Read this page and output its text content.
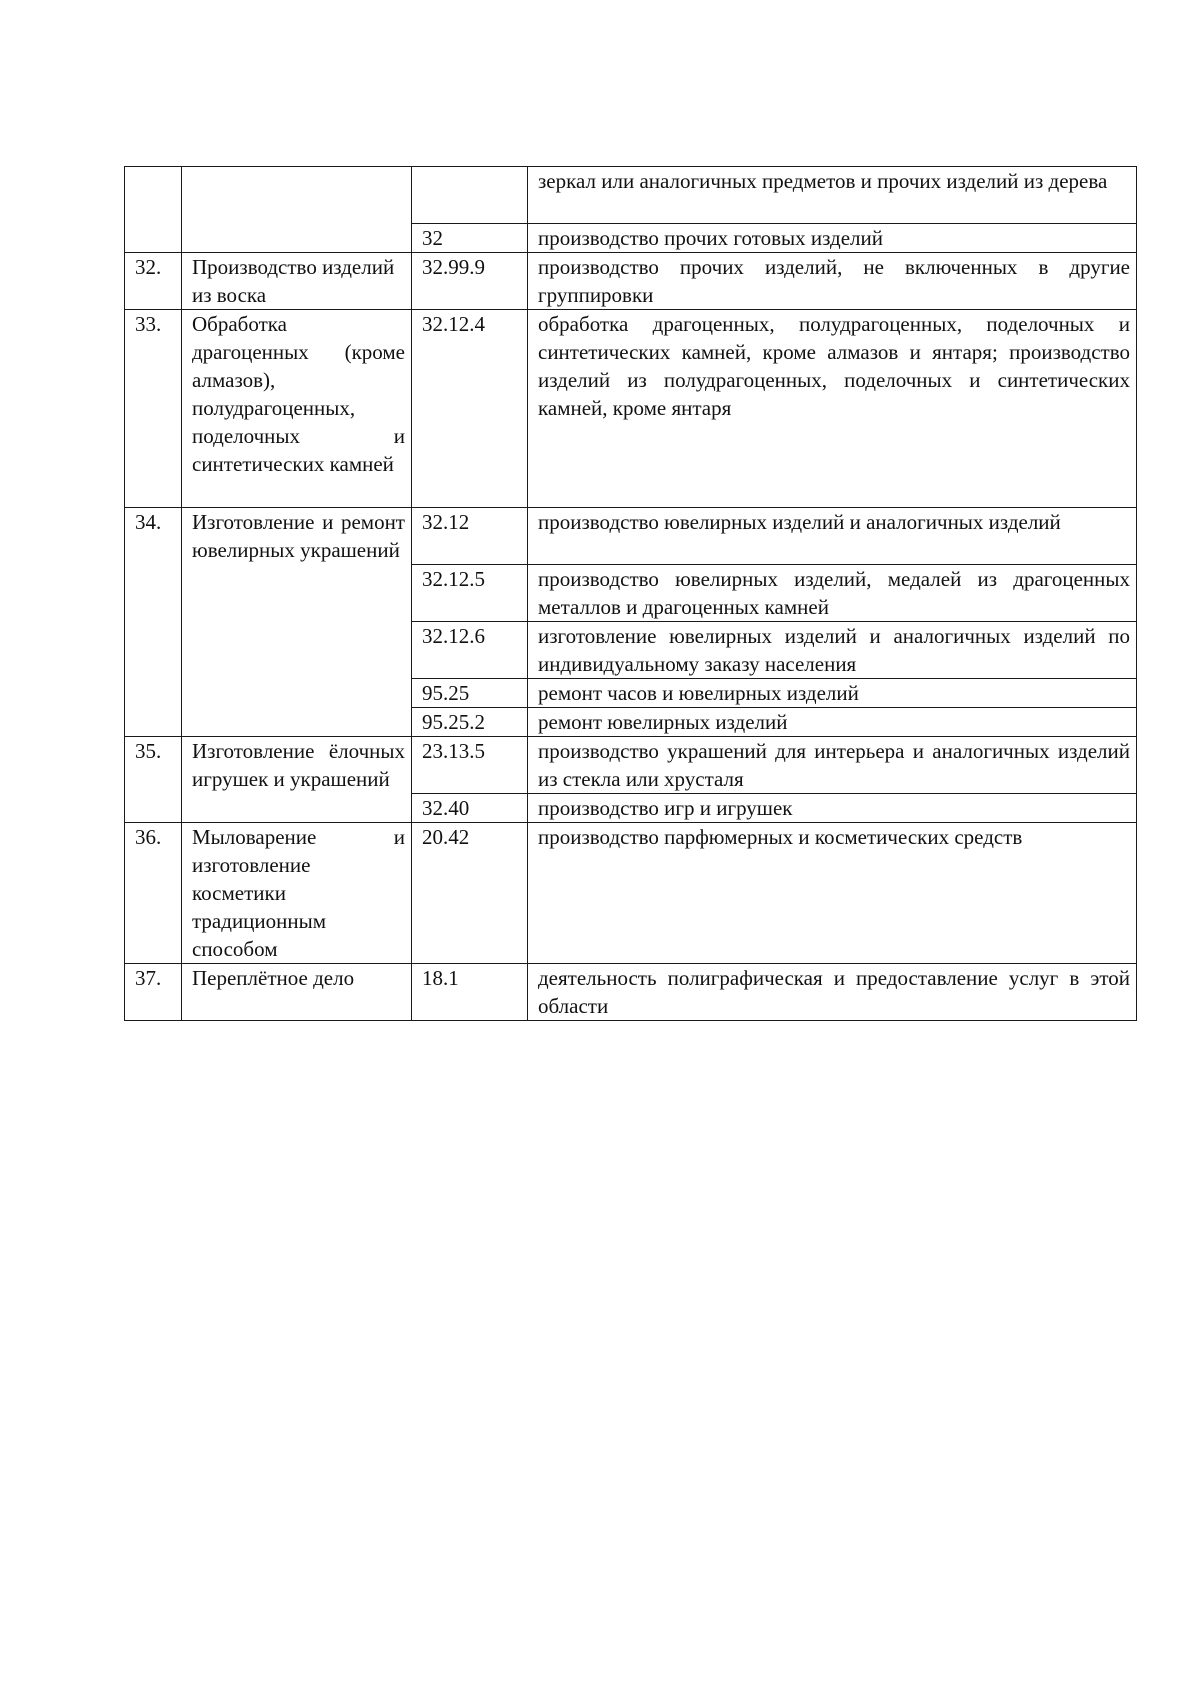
			зеркал или аналогичных предметов и прочих изделий из дерева

		32	производство прочих готовых изделий

32.	Производство изделий из воска	32.99.9	производство прочих изделий, не включенных в другие группировки

33.	Обработка драгоценных (кроме алмазов), полудрагоценных, поделочных и синтетических камней	32.12.4	обработка драгоценных, полудрагоценных, поделочных и синтетических камней, кроме алмазов и янтаря; производство изделий из полудрагоценных, поделочных и синтетических камней, кроме янтаря

34.	Изготовление и ремонт ювелирных украшений	32.12	производство ювелирных изделий и аналогичных изделий

		32.12.5	производство ювелирных изделий, медалей из драгоценных металлов и драгоценных камней

		32.12.6	изготовление ювелирных изделий и аналогичных изделий по индивидуальному заказу населения

		95.25	ремонт часов и ювелирных изделий

		95.25.2	ремонт ювелирных изделий

35.	Изготовление ёлочных игрушек и украшений	23.13.5	производство украшений для интерьера и аналогичных изделий из стекла или хрусталя

		32.40	производство игр и игрушек

36.	Мыловарение и изготовление косметики традиционным способом	20.42	производство парфюмерных и косметических средств

37.	Переплётное дело	18.1	деятельность полиграфическая и предоставление услуг в этой области
